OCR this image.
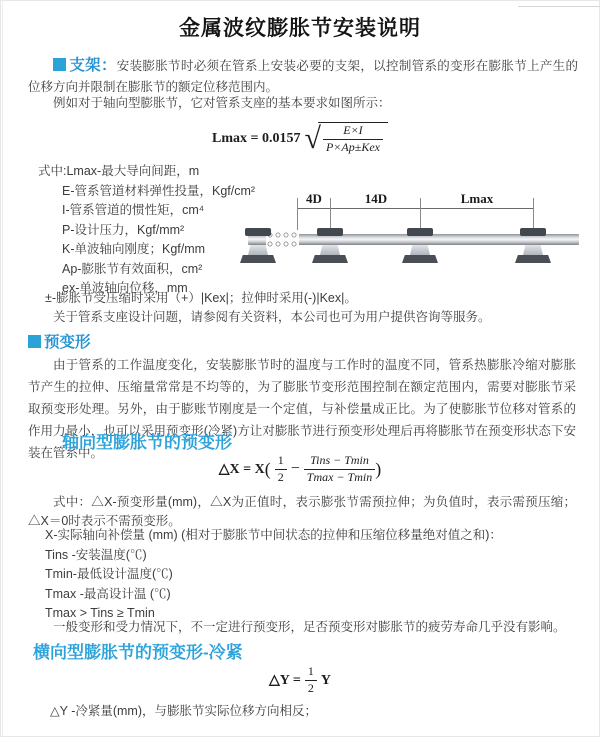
金属波纹膨胀节安装说明
支架：安装膨胀节时必须在管系上安装必要的支架，以控制管系的变形在膨胀节上产生的位移方向并限制在膨胀节的额定位移范围内。
例如对于轴向型膨胀节，它对管系支座的基本要求如图所示：
Lmax = 0.0157 √ $\frac{E\times I}{\text{P×Ap±Kex}}$
式中:Lmax-最大导向间距，m
E-管系管道材料弹性投量，Kgf/cm²
I-管系管道的惯性矩，cm⁴
P-设计压力，Kgf/mm²
K-单波轴向刚度；Kgf/mm
Ap-膨胀节有效面积，cm²
ex-单波轴向位移，mm
4D	14D	Lmax
±-膨胀节受压缩时采用（+）|Kex|；拉伸时采用(-)|Kex|。
关于管系支座设计问题，请参阅有关资料，本公司也可为用户提供咨询等服务。
预变形
由于管系的工作温度变化，安装膨胀节时的温度与工作时的温度不同，管系热膨胀冷缩对膨胀节产生的拉伸、压缩量常常是不均等的，为了膨胀节变形范围控制在额定范围内，需要对膨胀节采取预变形处理。另外，由于膨账节刚度是一个定值，与补偿量成正比。为了使膨胀节位移对管系的作用力最小，也可以采用预变形(冷紧)方让对膨胀节进行预变形处理后再将膨胀节在预变形状态下安装在管系中。
轴向型膨胀节的预变形
△X = $X( \frac{1}{2} - \frac{\text{Tins − Tmin}}{Tmax - Tmin}$ )
式中：△X-预变形量(mm)，△X为正值时，表示膨张节需预拉伸；为负值时，表示需预压缩；△X＝0时表示不需预变形。
X-实际轴向补偿量 (mm) (相对于膨胀节中间状态的拉伸和压缩位移量绝对值之和)：
Tins -安装温度(℃)
Tmin-最低设计温度(℃)
Tmax -最高设计温 (℃)
Tmax > Tins ≥ Tmin
一般变形和受力情况下，不一定进行预变形，足否预变形对膨胀节的疲劳寿命几乎没有影响。
横向型膨胀节的预变形-冷紧
△Y = $\frac{1}{2}$ Y
△Y -冷紧量(mm)，与膨胀节实际位移方向相反；
